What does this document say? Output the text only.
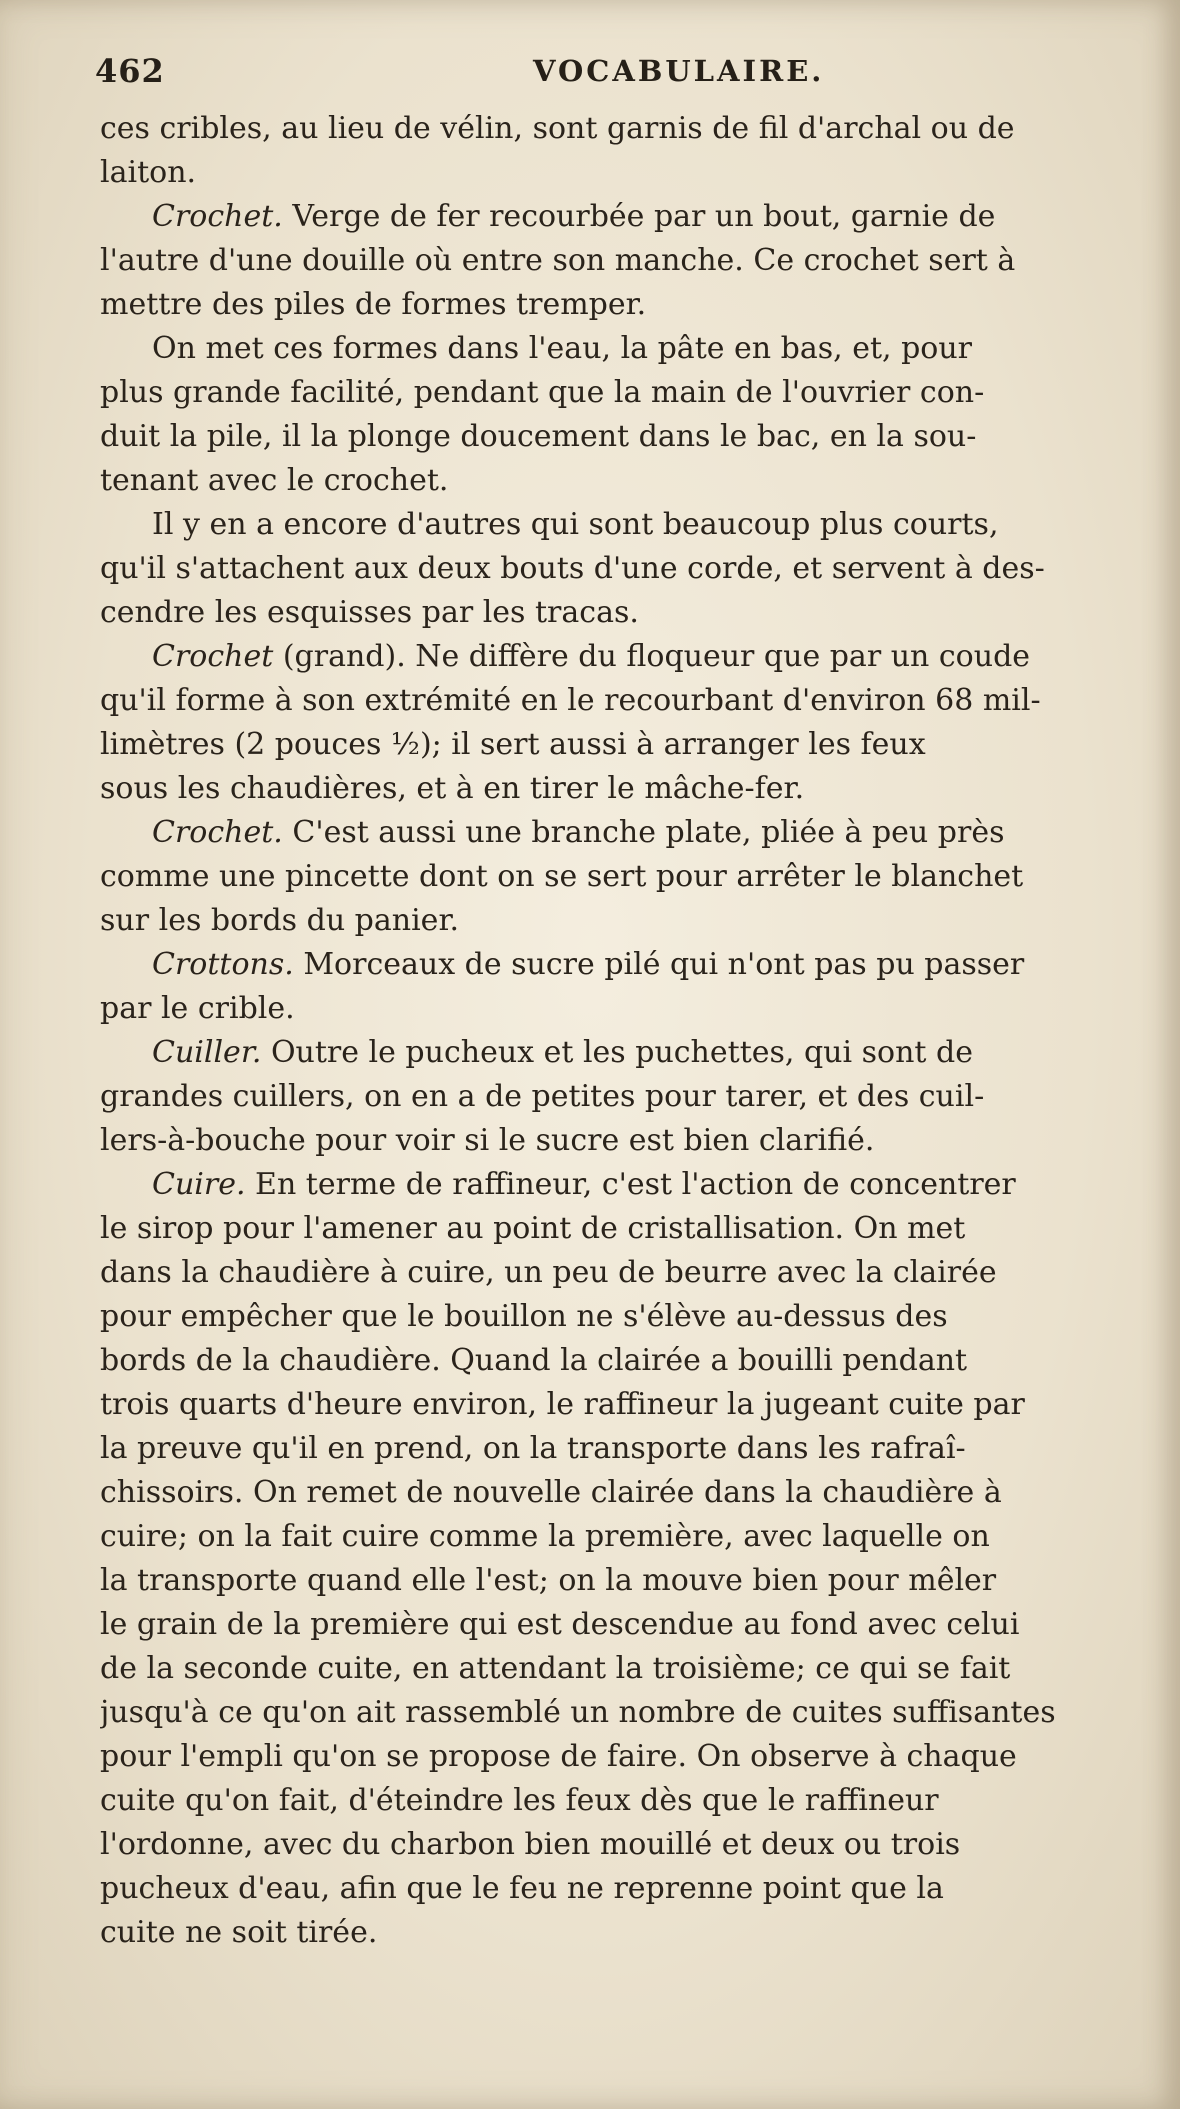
462	VOCABULAIRE.
ces cribles, au lieu de vélin, sont garnis de fil d'archal ou de
laiton.
Crochet. Verge de fer recourbée par un bout, garnie de
l'autre d'une douille où entre son manche. Ce crochet sert à
mettre des piles de formes tremper.
On met ces formes dans l'eau, la pâte en bas, et, pour
plus grande facilité, pendant que la main de l'ouvrier con-
duit la pile, il la plonge doucement dans le bac, en la sou-
tenant avec le crochet.
Il y en a encore d'autres qui sont beaucoup plus courts,
qu'il s'attachent aux deux bouts d'une corde, et servent à des-
cendre les esquisses par les tracas.
Crochet (grand). Ne diffère du floqueur que par un coude
qu'il forme à son extrémité en le recourbant d'environ 68 mil-
limètres (2 pouces ½); il sert aussi à arranger les feux
sous les chaudières, et à en tirer le mâche-fer.
Crochet. C'est aussi une branche plate, pliée à peu près
comme une pincette dont on se sert pour arrêter le blanchet
sur les bords du panier.
Crottons. Morceaux de sucre pilé qui n'ont pas pu passer
par le crible.
Cuiller. Outre le pucheux et les puchettes, qui sont de
grandes cuillers, on en a de petites pour tarer, et des cuil-
lers-à-bouche pour voir si le sucre est bien clarifié.
Cuire. En terme de raffineur, c'est l'action de concentrer
le sirop pour l'amener au point de cristallisation. On met
dans la chaudière à cuire, un peu de beurre avec la clairée
pour empêcher que le bouillon ne s'élève au-dessus des
bords de la chaudière. Quand la clairée a bouilli pendant
trois quarts d'heure environ, le raffineur la jugeant cuite par
la preuve qu'il en prend, on la transporte dans les rafraî-
chissoirs. On remet de nouvelle clairée dans la chaudière à
cuire; on la fait cuire comme la première, avec laquelle on
la transporte quand elle l'est; on la mouve bien pour mêler
le grain de la première qui est descendue au fond avec celui
de la seconde cuite, en attendant la troisième; ce qui se fait
jusqu'à ce qu'on ait rassemblé un nombre de cuites suffisantes
pour l'empli qu'on se propose de faire. On observe à chaque
cuite qu'on fait, d'éteindre les feux dès que le raffineur
l'ordonne, avec du charbon bien mouillé et deux ou trois
pucheux d'eau, afin que le feu ne reprenne point que la
cuite ne soit tirée.
